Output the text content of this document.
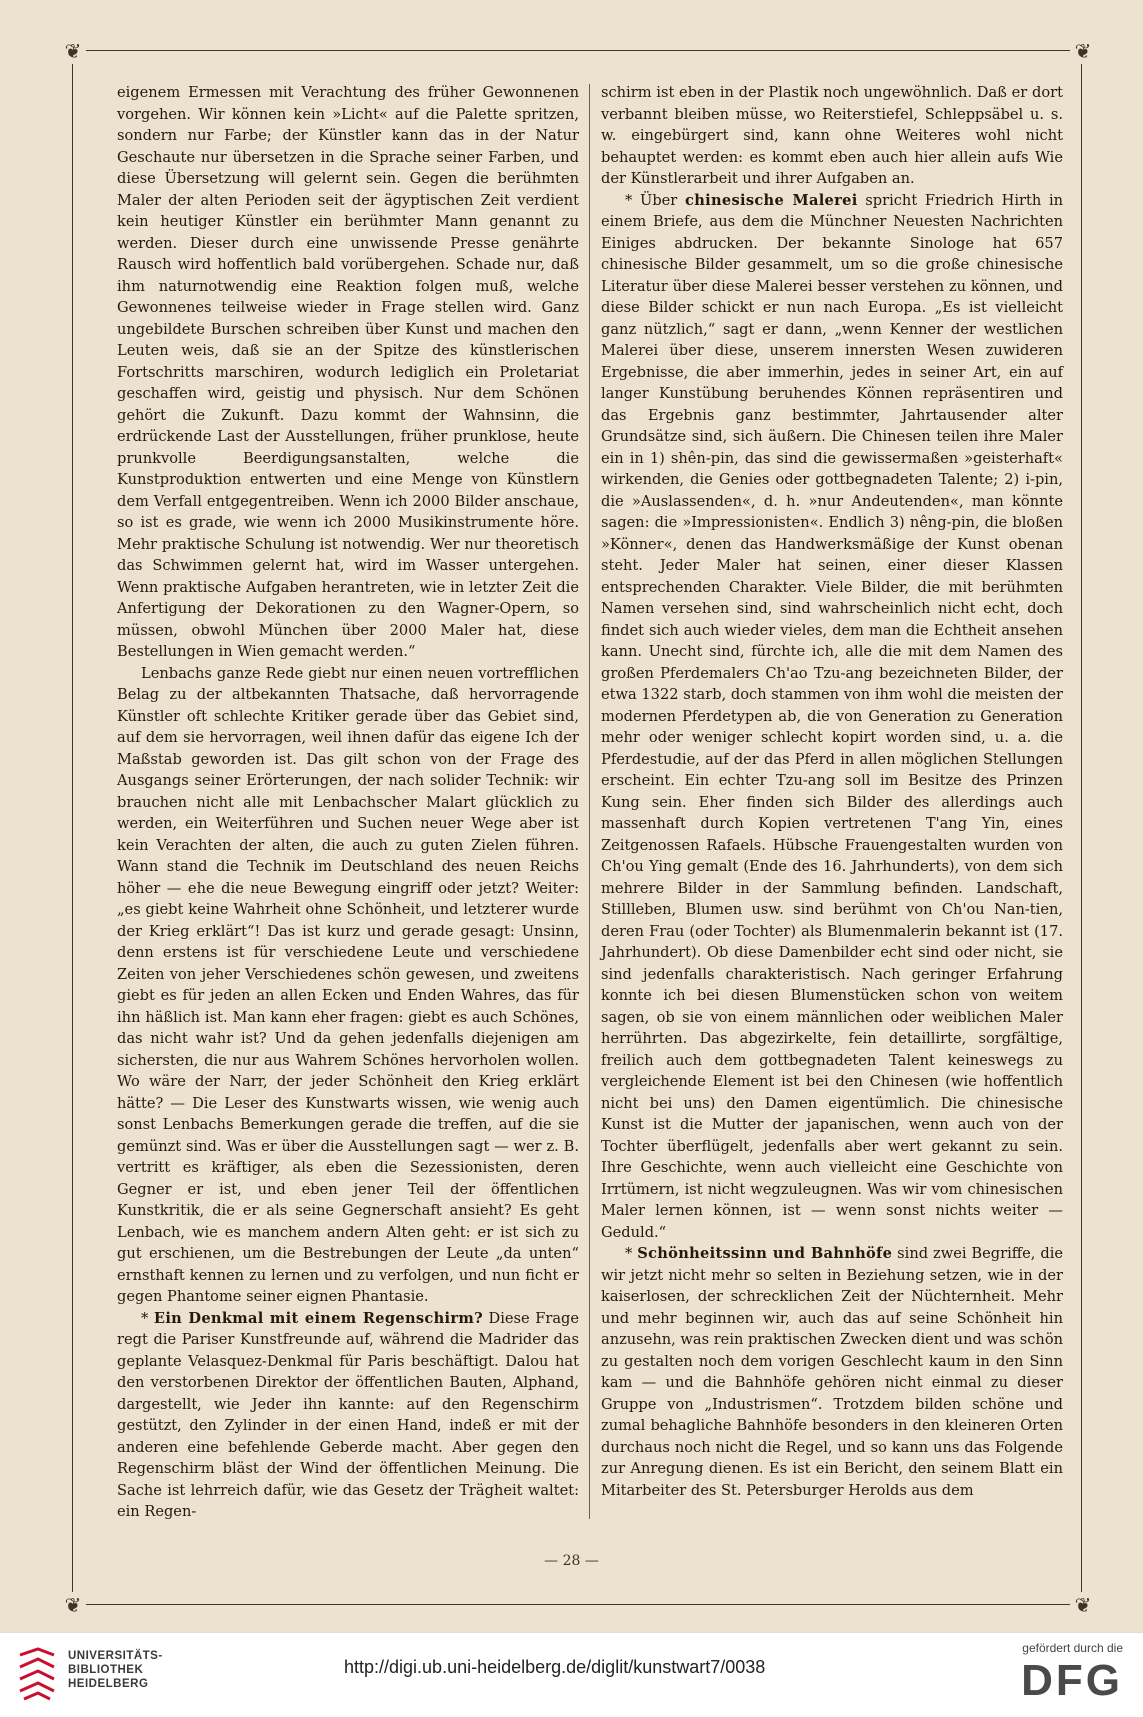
❦	❦
❦	❦

eigenem Ermessen mit Verachtung des früher Gewonnenen vorgehen. Wir können kein »Licht« auf die Palette spritzen, sondern nur Farbe; der Künstler kann das in der Natur Geschaute nur übersetzen in die Sprache seiner Farben, und diese Übersetzung will gelernt sein. Gegen die berühmten Maler der alten Perioden seit der ägyptischen Zeit verdient kein heutiger Künstler ein berühmter Mann genannt zu werden. Dieser durch eine unwissende Presse genährte Rausch wird hoffentlich bald vorübergehen. Schade nur, daß ihm naturnotwendig eine Reaktion folgen muß, welche Gewonnenes teilweise wieder in Frage stellen wird. Ganz ungebildete Burschen schreiben über Kunst und machen den Leuten weis, daß sie an der Spitze des künstlerischen Fortschritts marschiren, wodurch lediglich ein Proletariat geschaffen wird, geistig und physisch. Nur dem Schönen gehört die Zukunft. Dazu kommt der Wahnsinn, die erdrückende Last der Ausstellungen, früher prunklose, heute prunkvolle Beerdigungsanstalten, welche die Kunstproduktion entwerten und eine Menge von Künstlern dem Verfall entgegentreiben. Wenn ich 2000 Bilder anschaue, so ist es grade, wie wenn ich 2000 Musikinstrumente höre. Mehr praktische Schulung ist notwendig. Wer nur theoretisch das Schwimmen gelernt hat, wird im Wasser untergehen. Wenn praktische Aufgaben herantreten, wie in letzter Zeit die Anfertigung der Dekorationen zu den Wagner-Opern, so müssen, obwohl München über 2000 Maler hat, diese Bestellungen in Wien gemacht werden.“

Lenbachs ganze Rede giebt nur einen neuen vortrefflichen Belag zu der altbekannten Thatsache, daß hervorragende Künstler oft schlechte Kritiker gerade über das Gebiet sind, auf dem sie hervorragen, weil ihnen dafür das eigene Ich der Maßstab geworden ist. Das gilt schon von der Frage des Ausgangs seiner Erörterungen, der nach solider Technik: wir brauchen nicht alle mit Lenbachscher Malart glücklich zu werden, ein Weiterführen und Suchen neuer Wege aber ist kein Verachten der alten, die auch zu guten Zielen führen. Wann stand die Technik im Deutschland des neuen Reichs höher — ehe die neue Bewegung eingriff oder jetzt? Weiter: „es giebt keine Wahrheit ohne Schönheit, und letzterer wurde der Krieg erklärt“! Das ist kurz und gerade gesagt: Unsinn, denn erstens ist für verschiedene Leute und verschiedene Zeiten von jeher Verschiedenes schön gewesen, und zweitens giebt es für jeden an allen Ecken und Enden Wahres, das für ihn häßlich ist. Man kann eher fragen: giebt es auch Schönes, das nicht wahr ist? Und da gehen jedenfalls diejenigen am sichersten, die nur aus Wahrem Schönes hervorholen wollen. Wo wäre der Narr, der jeder Schönheit den Krieg erklärt hätte? — Die Leser des Kunstwarts wissen, wie wenig auch sonst Lenbachs Bemerkungen gerade die treffen, auf die sie gemünzt sind. Was er über die Ausstellungen sagt — wer z. B. vertritt es kräftiger, als eben die Sezessionisten, deren Gegner er ist, und eben jener Teil der öffentlichen Kunstkritik, die er als seine Gegnerschaft ansieht? Es geht Lenbach, wie es manchem andern Alten geht: er ist sich zu gut erschienen, um die Bestrebungen der Leute „da unten“ ernsthaft kennen zu lernen und zu verfolgen, und nun ficht er gegen Phantome seiner eignen Phantasie.

* Ein Denkmal mit einem Regenschirm? Diese Frage regt die Pariser Kunstfreunde auf, während die Madrider das geplante Velasquez-Denkmal für Paris beschäftigt. Dalou hat den verstorbenen Direktor der öffentlichen Bauten, Alphand, dargestellt, wie Jeder ihn kannte: auf den Regenschirm gestützt, den Zylinder in der einen Hand, indeß er mit der anderen eine befehlende Geberde macht. Aber gegen den Regenschirm bläst der Wind der öffentlichen Meinung. Die Sache ist lehrreich dafür, wie das Gesetz der Trägheit waltet: ein Regen-

schirm ist eben in der Plastik noch ungewöhnlich. Daß er dort verbannt bleiben müsse, wo Reiterstiefel, Schleppsäbel u. s. w. eingebürgert sind, kann ohne Weiteres wohl nicht behauptet werden: es kommt eben auch hier allein aufs Wie der Künstlerarbeit und ihrer Aufgaben an.

* Über chinesische Malerei spricht Friedrich Hirth in einem Briefe, aus dem die Münchner Neuesten Nachrichten Einiges abdrucken. Der bekannte Sinologe hat 657 chinesische Bilder gesammelt, um so die große chinesische Literatur über diese Malerei besser verstehen zu können, und diese Bilder schickt er nun nach Europa. „Es ist vielleicht ganz nützlich,“ sagt er dann, „wenn Kenner der westlichen Malerei über diese, unserem innersten Wesen zuwideren Ergebnisse, die aber immerhin, jedes in seiner Art, ein auf langer Kunstübung beruhendes Können repräsentiren und das Ergebnis ganz bestimmter, Jahrtausender alter Grundsätze sind, sich äußern. Die Chinesen teilen ihre Maler ein in 1) shên-pin, das sind die gewissermaßen »geisterhaft« wirkenden, die Genies oder gottbegnadeten Talente; 2) i-pin, die »Auslassenden«, d. h. »nur Andeutenden«, man könnte sagen: die »Impressionisten«. Endlich 3) nêng-pin, die bloßen »Könner«, denen das Handwerksmäßige der Kunst obenan steht. Jeder Maler hat seinen, einer dieser Klassen entsprechenden Charakter. Viele Bilder, die mit berühmten Namen versehen sind, sind wahrscheinlich nicht echt, doch findet sich auch wieder vieles, dem man die Echtheit ansehen kann. Unecht sind, fürchte ich, alle die mit dem Namen des großen Pferdemalers Ch'ao Tzu-ang bezeichneten Bilder, der etwa 1322 starb, doch stammen von ihm wohl die meisten der modernen Pferdetypen ab, die von Generation zu Generation mehr oder weniger schlecht kopirt worden sind, u. a. die Pferdestudie, auf der das Pferd in allen möglichen Stellungen erscheint. Ein echter Tzu-ang soll im Besitze des Prinzen Kung sein. Eher finden sich Bilder des allerdings auch massenhaft durch Kopien vertretenen T'ang Yin, eines Zeitgenossen Rafaels. Hübsche Frauengestalten wurden von Ch'ou Ying gemalt (Ende des 16. Jahrhunderts), von dem sich mehrere Bilder in der Sammlung befinden. Landschaft, Stillleben, Blumen usw. sind berühmt von Ch'ou Nan-tien, deren Frau (oder Tochter) als Blumenmalerin bekannt ist (17. Jahrhundert). Ob diese Damenbilder echt sind oder nicht, sie sind jedenfalls charakteristisch. Nach geringer Erfahrung konnte ich bei diesen Blumenstücken schon von weitem sagen, ob sie von einem männlichen oder weiblichen Maler herrührten. Das abgezirkelte, fein detaillirte, sorgfältige, freilich auch dem gottbegnadeten Talent keineswegs zu vergleichende Element ist bei den Chinesen (wie hoffentlich nicht bei uns) den Damen eigentümlich. Die chinesische Kunst ist die Mutter der japanischen, wenn auch von der Tochter überflügelt, jedenfalls aber wert gekannt zu sein. Ihre Geschichte, wenn auch vielleicht eine Geschichte von Irrtümern, ist nicht wegzuleugnen. Was wir vom chinesischen Maler lernen können, ist — wenn sonst nichts weiter — Geduld.“

* Schönheitssinn und Bahnhöfe sind zwei Begriffe, die wir jetzt nicht mehr so selten in Beziehung setzen, wie in der kaiserlosen, der schrecklichen Zeit der Nüchternheit. Mehr und mehr beginnen wir, auch das auf seine Schönheit hin anzusehn, was rein praktischen Zwecken dient und was schön zu gestalten noch dem vorigen Geschlecht kaum in den Sinn kam — und die Bahnhöfe gehören nicht einmal zu dieser Gruppe von „Industrismen“. Trotzdem bilden schöne und zumal behagliche Bahnhöfe besonders in den kleineren Orten durchaus noch nicht die Regel, und so kann uns das Folgende zur Anregung dienen. Es ist ein Bericht, den seinem Blatt ein Mitarbeiter des St. Petersburger Herolds aus dem

— 28 —
UNIVERSITÄTS-
BIBLIOTHEK
HEIDELBERG
http://digi.ub.uni-heidelberg.de/diglit/kunstwart7/0038
gefördert durch die
DFG
